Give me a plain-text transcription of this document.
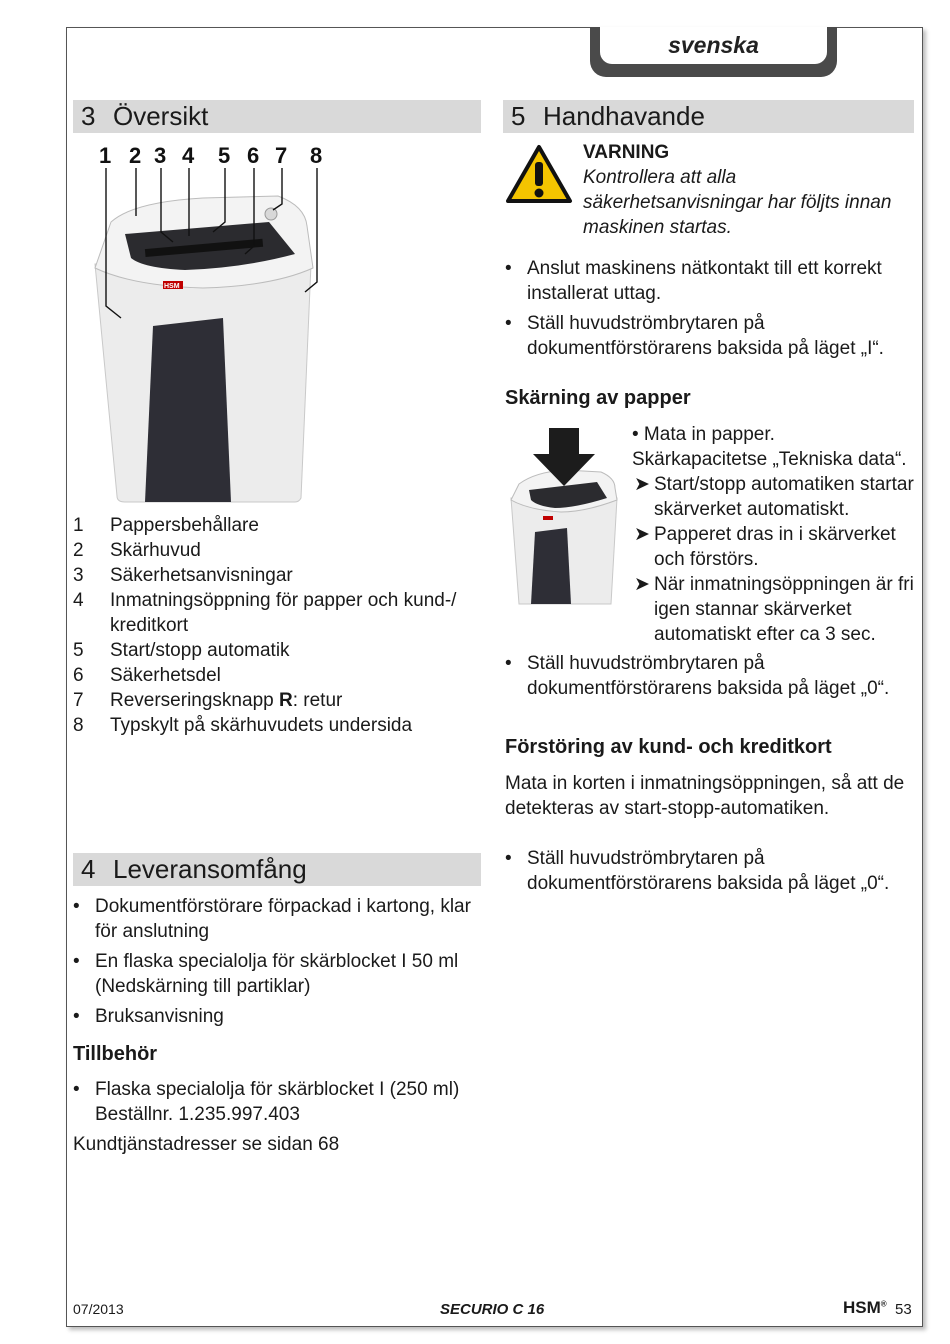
svenska
3 Översikt
1 2 3 4 5 6 7 8
HSM
1 Pappersbehållare
2 Skärhuvud
3 Säkerhetsanvisningar
4 Inmatningsöppning för papper och kund-/ kreditkort
5 Start/stopp automatik
6 Säkerhetsdel
7 Reverseringsknapp R: retur
8 Typskylt på skärhuvudets undersida
4 Leveransomfång
• Dokumentförstörare förpackad i kartong, klar för anslutning
• En flaska specialolja för skärblocket I 50 ml (Nedskärning till partiklar)
• Bruksanvisning
Tillbehör
• Flaska specialolja för skärblocket I (250 ml) Beställnr. 1.235.997.403
Kundtjänstadresser se sidan 68
5 Handhavande
VARNING
Kontrollera att alla säkerhetsanvisningar har följts innan maskinen startas.
• Anslut maskinens nätkontakt till ett korrekt installerat uttag.
• Ställ huvudströmbrytaren på dokumentförstörarens baksida på läget „I“.
Skärning av papper
• Mata in papper. Skärkapacitetse „Tekniska data“.
➤ Start/stopp automatiken startar skärverket automatiskt.
➤ Papperet dras in i skärverket och förstörs.
➤ När inmatningsöppningen är fri igen stannar skärverket automatiskt efter ca 3 sec.
• Ställ huvudströmbrytaren på dokumentförstörarens baksida på läget „0“.
Förstöring av kund- och kreditkort
Mata in korten i inmatningsöppningen, så att de detekteras av start-stopp-automatiken.
• Ställ huvudströmbrytaren på dokumentförstörarens baksida på läget „0“.
07/2013	SECURIO C 16	HSM® 53
